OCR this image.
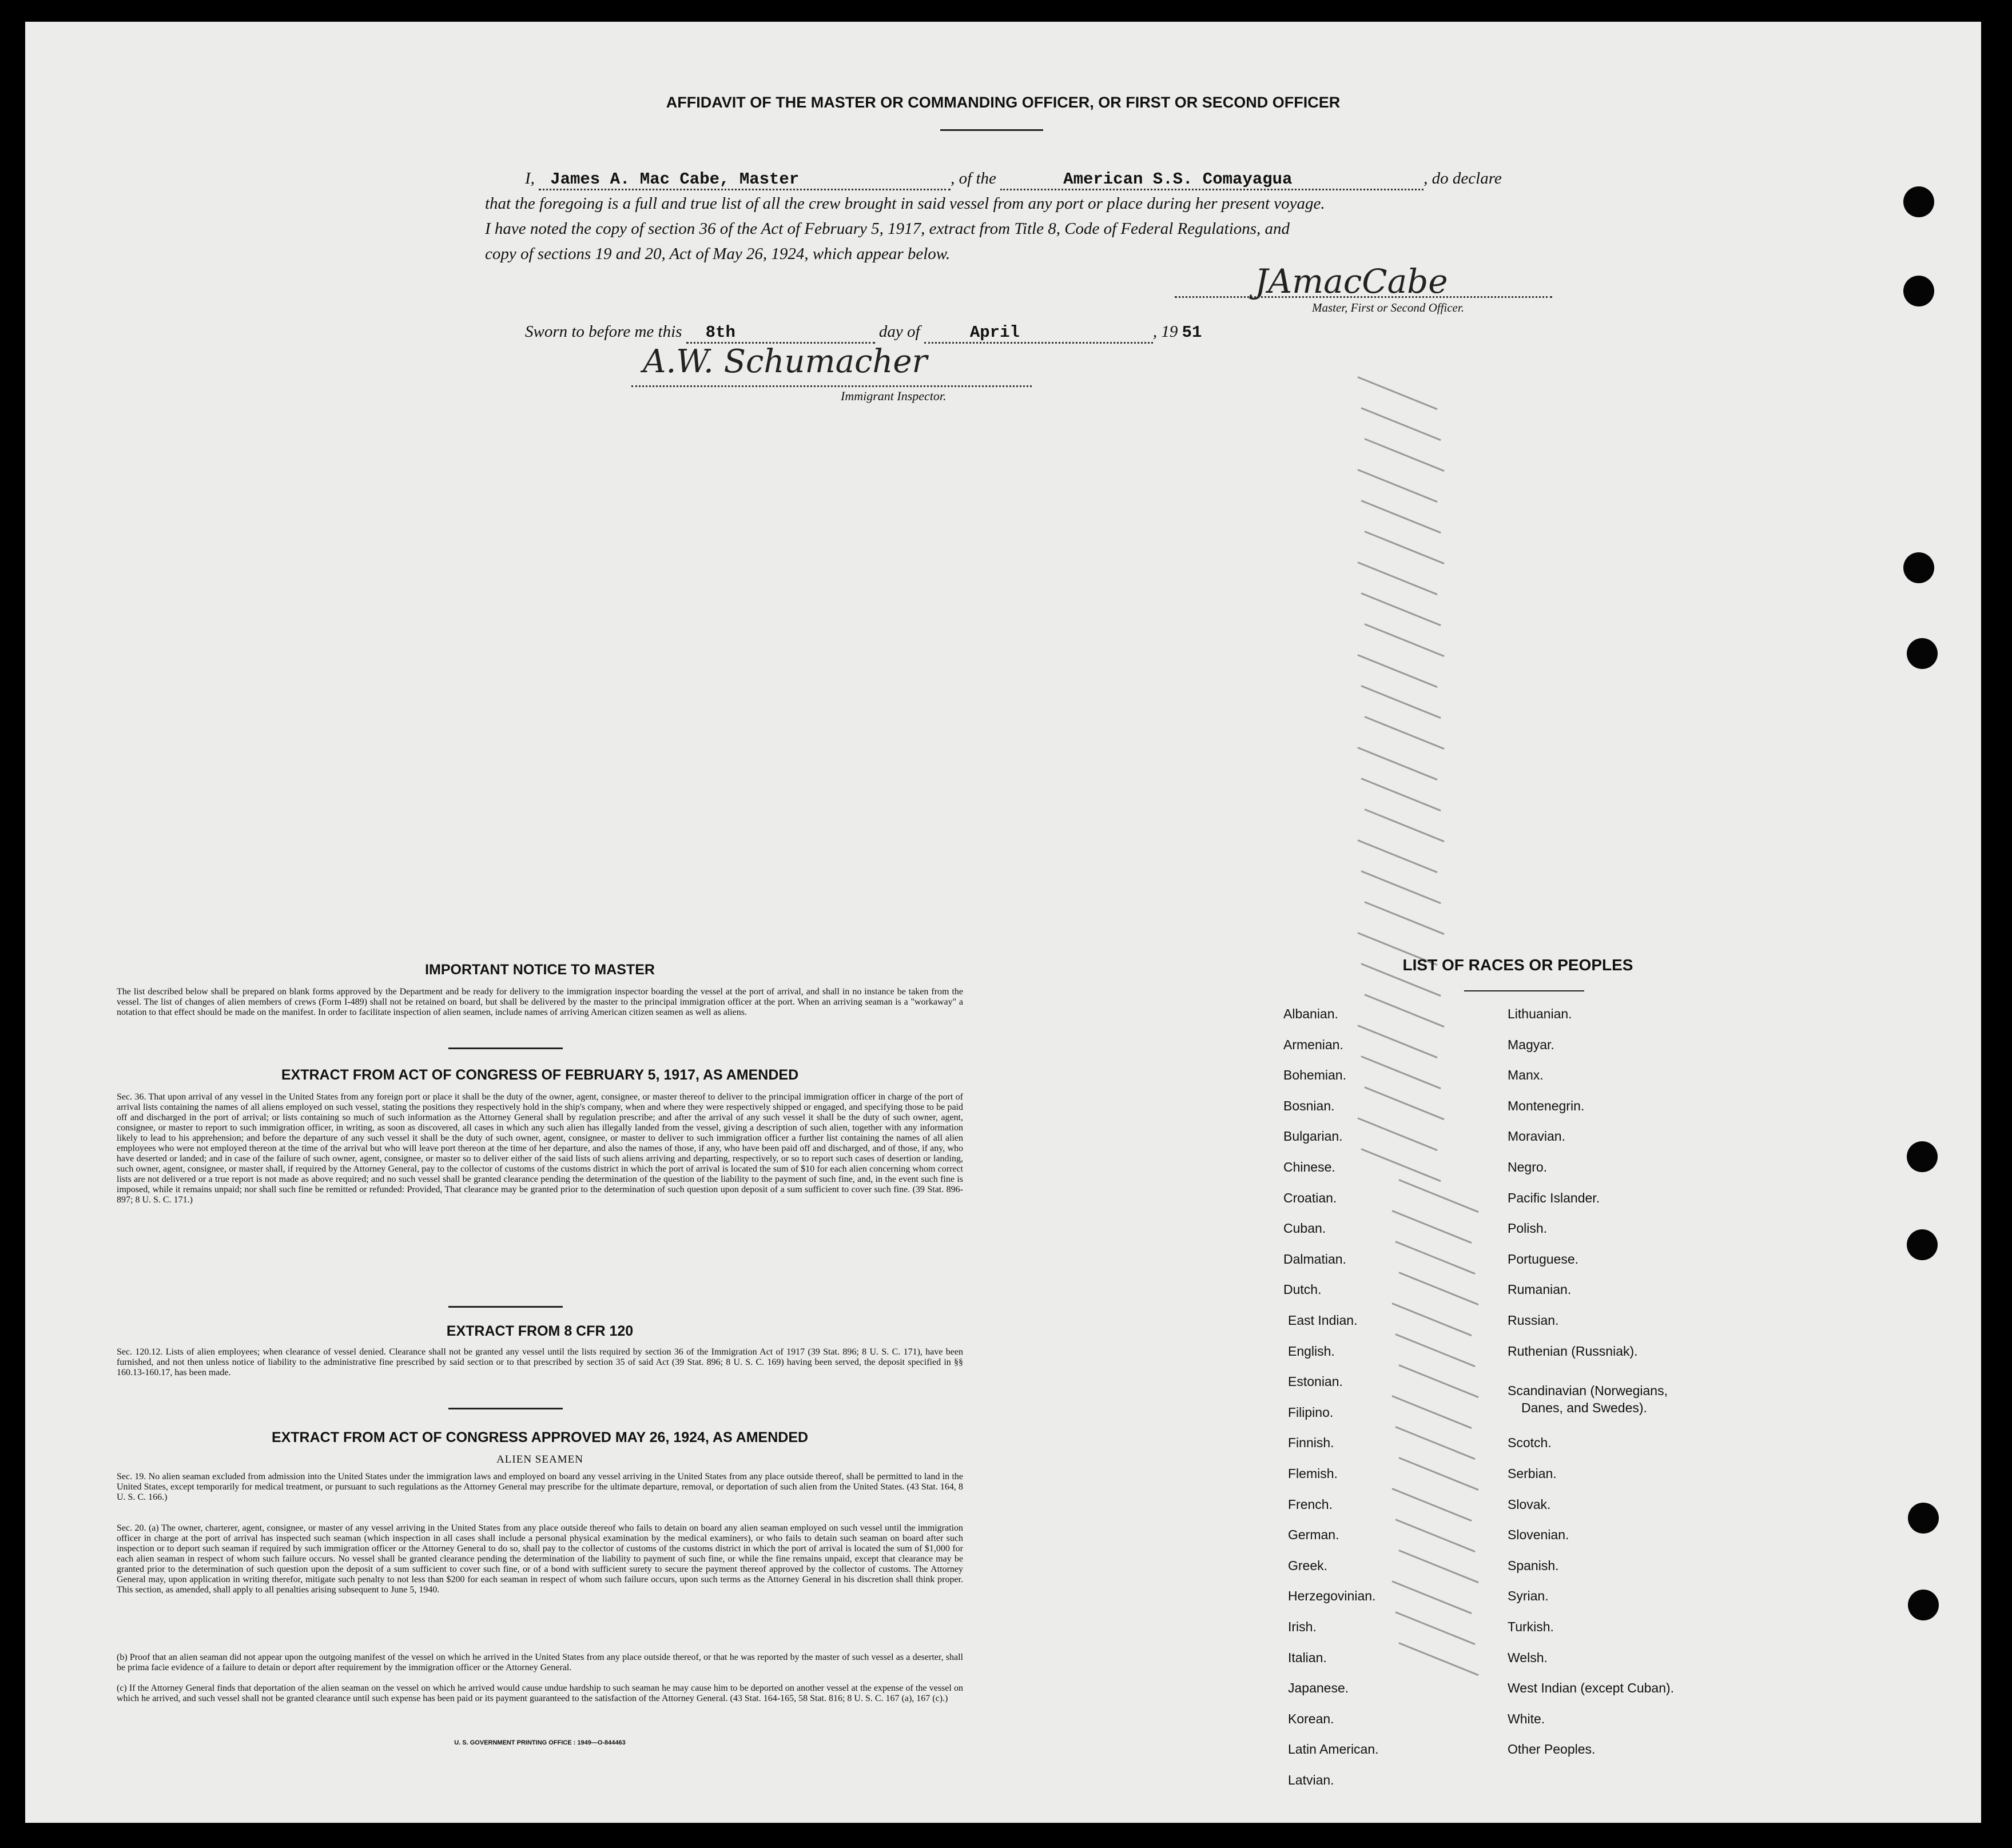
AFFIDAVIT OF THE MASTER OR COMMANDING OFFICER, OR FIRST OR SECOND OFFICER
I, James A. Mac Cabe, Master	, of the	American S.S. Comayagua	, do declare
that the foregoing is a full and true list of all the crew brought in said vessel from any port or place during her present voyage.
I have noted the copy of section 36 of the Act of February 5, 1917, extract from Title 8, Code of Federal Regulations, and
copy of sections 19 and 20, Act of May 26, 1924, which appear below.
JAmacCabe
Master, First or Second Officer.
Sworn to before me this 8th	day of	April	, 19 51
A.W. Schumacher
Immigrant Inspector.
IMPORTANT NOTICE TO MASTER
The list described below shall be prepared on blank forms approved by the Department and be ready for delivery to the immigration inspector boarding the vessel at the port of arrival, and shall in no instance be taken from the vessel. The list of changes of alien members of crews (Form I-489) shall not be retained on board, but shall be delivered by the master to the principal immigration officer at the port. When an arriving seaman is a "workaway" a notation to that effect should be made on the manifest. In order to facilitate inspection of alien seamen, include names of arriving American citizen seamen as well as aliens.
EXTRACT FROM ACT OF CONGRESS OF FEBRUARY 5, 1917, AS AMENDED
Sec. 36. That upon arrival of any vessel in the United States from any foreign port or place it shall be the duty of the owner, agent, consignee, or master thereof to deliver to the principal immigration officer in charge of the port of arrival lists containing the names of all aliens employed on such vessel, stating the positions they respectively hold in the ship's company, when and where they were respectively shipped or engaged, and specifying those to be paid off and discharged in the port of arrival; or lists containing so much of such information as the Attorney General shall by regulation prescribe; and after the arrival of any such vessel it shall be the duty of such owner, agent, consignee, or master to report to such immigration officer, in writing, as soon as discovered, all cases in which any such alien has illegally landed from the vessel, giving a description of such alien, together with any information likely to lead to his apprehension; and before the departure of any such vessel it shall be the duty of such owner, agent, consignee, or master to deliver to such immigration officer a further list containing the names of all alien employees who were not employed thereon at the time of the arrival but who will leave port thereon at the time of her departure, and also the names of those, if any, who have been paid off and discharged, and of those, if any, who have deserted or landed; and in case of the failure of such owner, agent, consignee, or master so to deliver either of the said lists of such aliens arriving and departing, respectively, or so to report such cases of desertion or landing, such owner, agent, consignee, or master shall, if required by the Attorney General, pay to the collector of customs of the customs district in which the port of arrival is located the sum of $10 for each alien concerning whom correct lists are not delivered or a true report is not made as above required; and no such vessel shall be granted clearance pending the determination of the question of the liability to the payment of such fine, and, in the event such fine is imposed, while it remains unpaid; nor shall such fine be remitted or refunded: Provided, That clearance may be granted prior to the determination of such question upon deposit of a sum sufficient to cover such fine. (39 Stat. 896-897; 8 U. S. C. 171.)
EXTRACT FROM 8 CFR 120
Sec. 120.12. Lists of alien employees; when clearance of vessel denied. Clearance shall not be granted any vessel until the lists required by section 36 of the Immigration Act of 1917 (39 Stat. 896; 8 U. S. C. 171), have been furnished, and not then unless notice of liability to the administrative fine prescribed by said section or to that prescribed by section 35 of said Act (39 Stat. 896; 8 U. S. C. 169) having been served, the deposit specified in §§ 160.13-160.17, has been made.
EXTRACT FROM ACT OF CONGRESS APPROVED MAY 26, 1924, AS AMENDED
ALIEN SEAMEN
Sec. 19. No alien seaman excluded from admission into the United States under the immigration laws and employed on board any vessel arriving in the United States from any place outside thereof, shall be permitted to land in the United States, except temporarily for medical treatment, or pursuant to such regulations as the Attorney General may prescribe for the ultimate departure, removal, or deportation of such alien from the United States. (43 Stat. 164, 8 U. S. C. 166.)
Sec. 20. (a) The owner, charterer, agent, consignee, or master of any vessel arriving in the United States from any place outside thereof who fails to detain on board any alien seaman employed on such vessel until the immigration officer in charge at the port of arrival has inspected such seaman (which inspection in all cases shall include a personal physical examination by the medical examiners), or who fails to detain such seaman on board after such inspection or to deport such seaman if required by such immigration officer or the Attorney General to do so, shall pay to the collector of customs of the customs district in which the port of arrival is located the sum of $1,000 for each alien seaman in respect of whom such failure occurs. No vessel shall be granted clearance pending the determination of the liability to payment of such fine, or while the fine remains unpaid, except that clearance may be granted prior to the determination of such question upon the deposit of a sum sufficient to cover such fine, or of a bond with sufficient surety to secure the payment thereof approved by the collector of customs. The Attorney General may, upon application in writing therefor, mitigate such penalty to not less than $200 for each seaman in respect of whom such failure occurs, upon such terms as the Attorney General in his discretion shall think proper. This section, as amended, shall apply to all penalties arising subsequent to June 5, 1940.
(b) Proof that an alien seaman did not appear upon the outgoing manifest of the vessel on which he arrived in the United States from any place outside thereof, or that he was reported by the master of such vessel as a deserter, shall be prima facie evidence of a failure to detain or deport after requirement by the immigration officer or the Attorney General.
(c) If the Attorney General finds that deportation of the alien seaman on the vessel on which he arrived would cause undue hardship to such seaman he may cause him to be deported on another vessel at the expense of the vessel on which he arrived, and such vessel shall not be granted clearance until such expense has been paid or its payment guaranteed to the satisfaction of the Attorney General. (43 Stat. 164-165, 58 Stat. 816; 8 U. S. C. 167 (a), 167 (c).)
U. S. GOVERNMENT PRINTING OFFICE : 1949—O-844463
LIST OF RACES OR PEOPLES
Albanian.
Armenian.
Bohemian.
Bosnian.
Bulgarian.
Chinese.
Croatian.
Cuban.
Dalmatian.
Dutch.
East Indian.
English.
Estonian.
Filipino.
Finnish.
Flemish.
French.
German.
Greek.
Herzegovinian.
Irish.
Italian.
Japanese.
Korean.
Latin American.
Latvian.
Lithuanian.
Magyar.
Manx.
Montenegrin.
Moravian.
Negro.
Pacific Islander.
Polish.
Portuguese.
Rumanian.
Russian.
Ruthenian (Russniak).
Scandinavian (Norwegians,
Danes, and Swedes).
Scotch.
Serbian.
Slovak.
Slovenian.
Spanish.
Syrian.
Turkish.
Welsh.
West Indian (except Cuban).
White.
Other Peoples.
